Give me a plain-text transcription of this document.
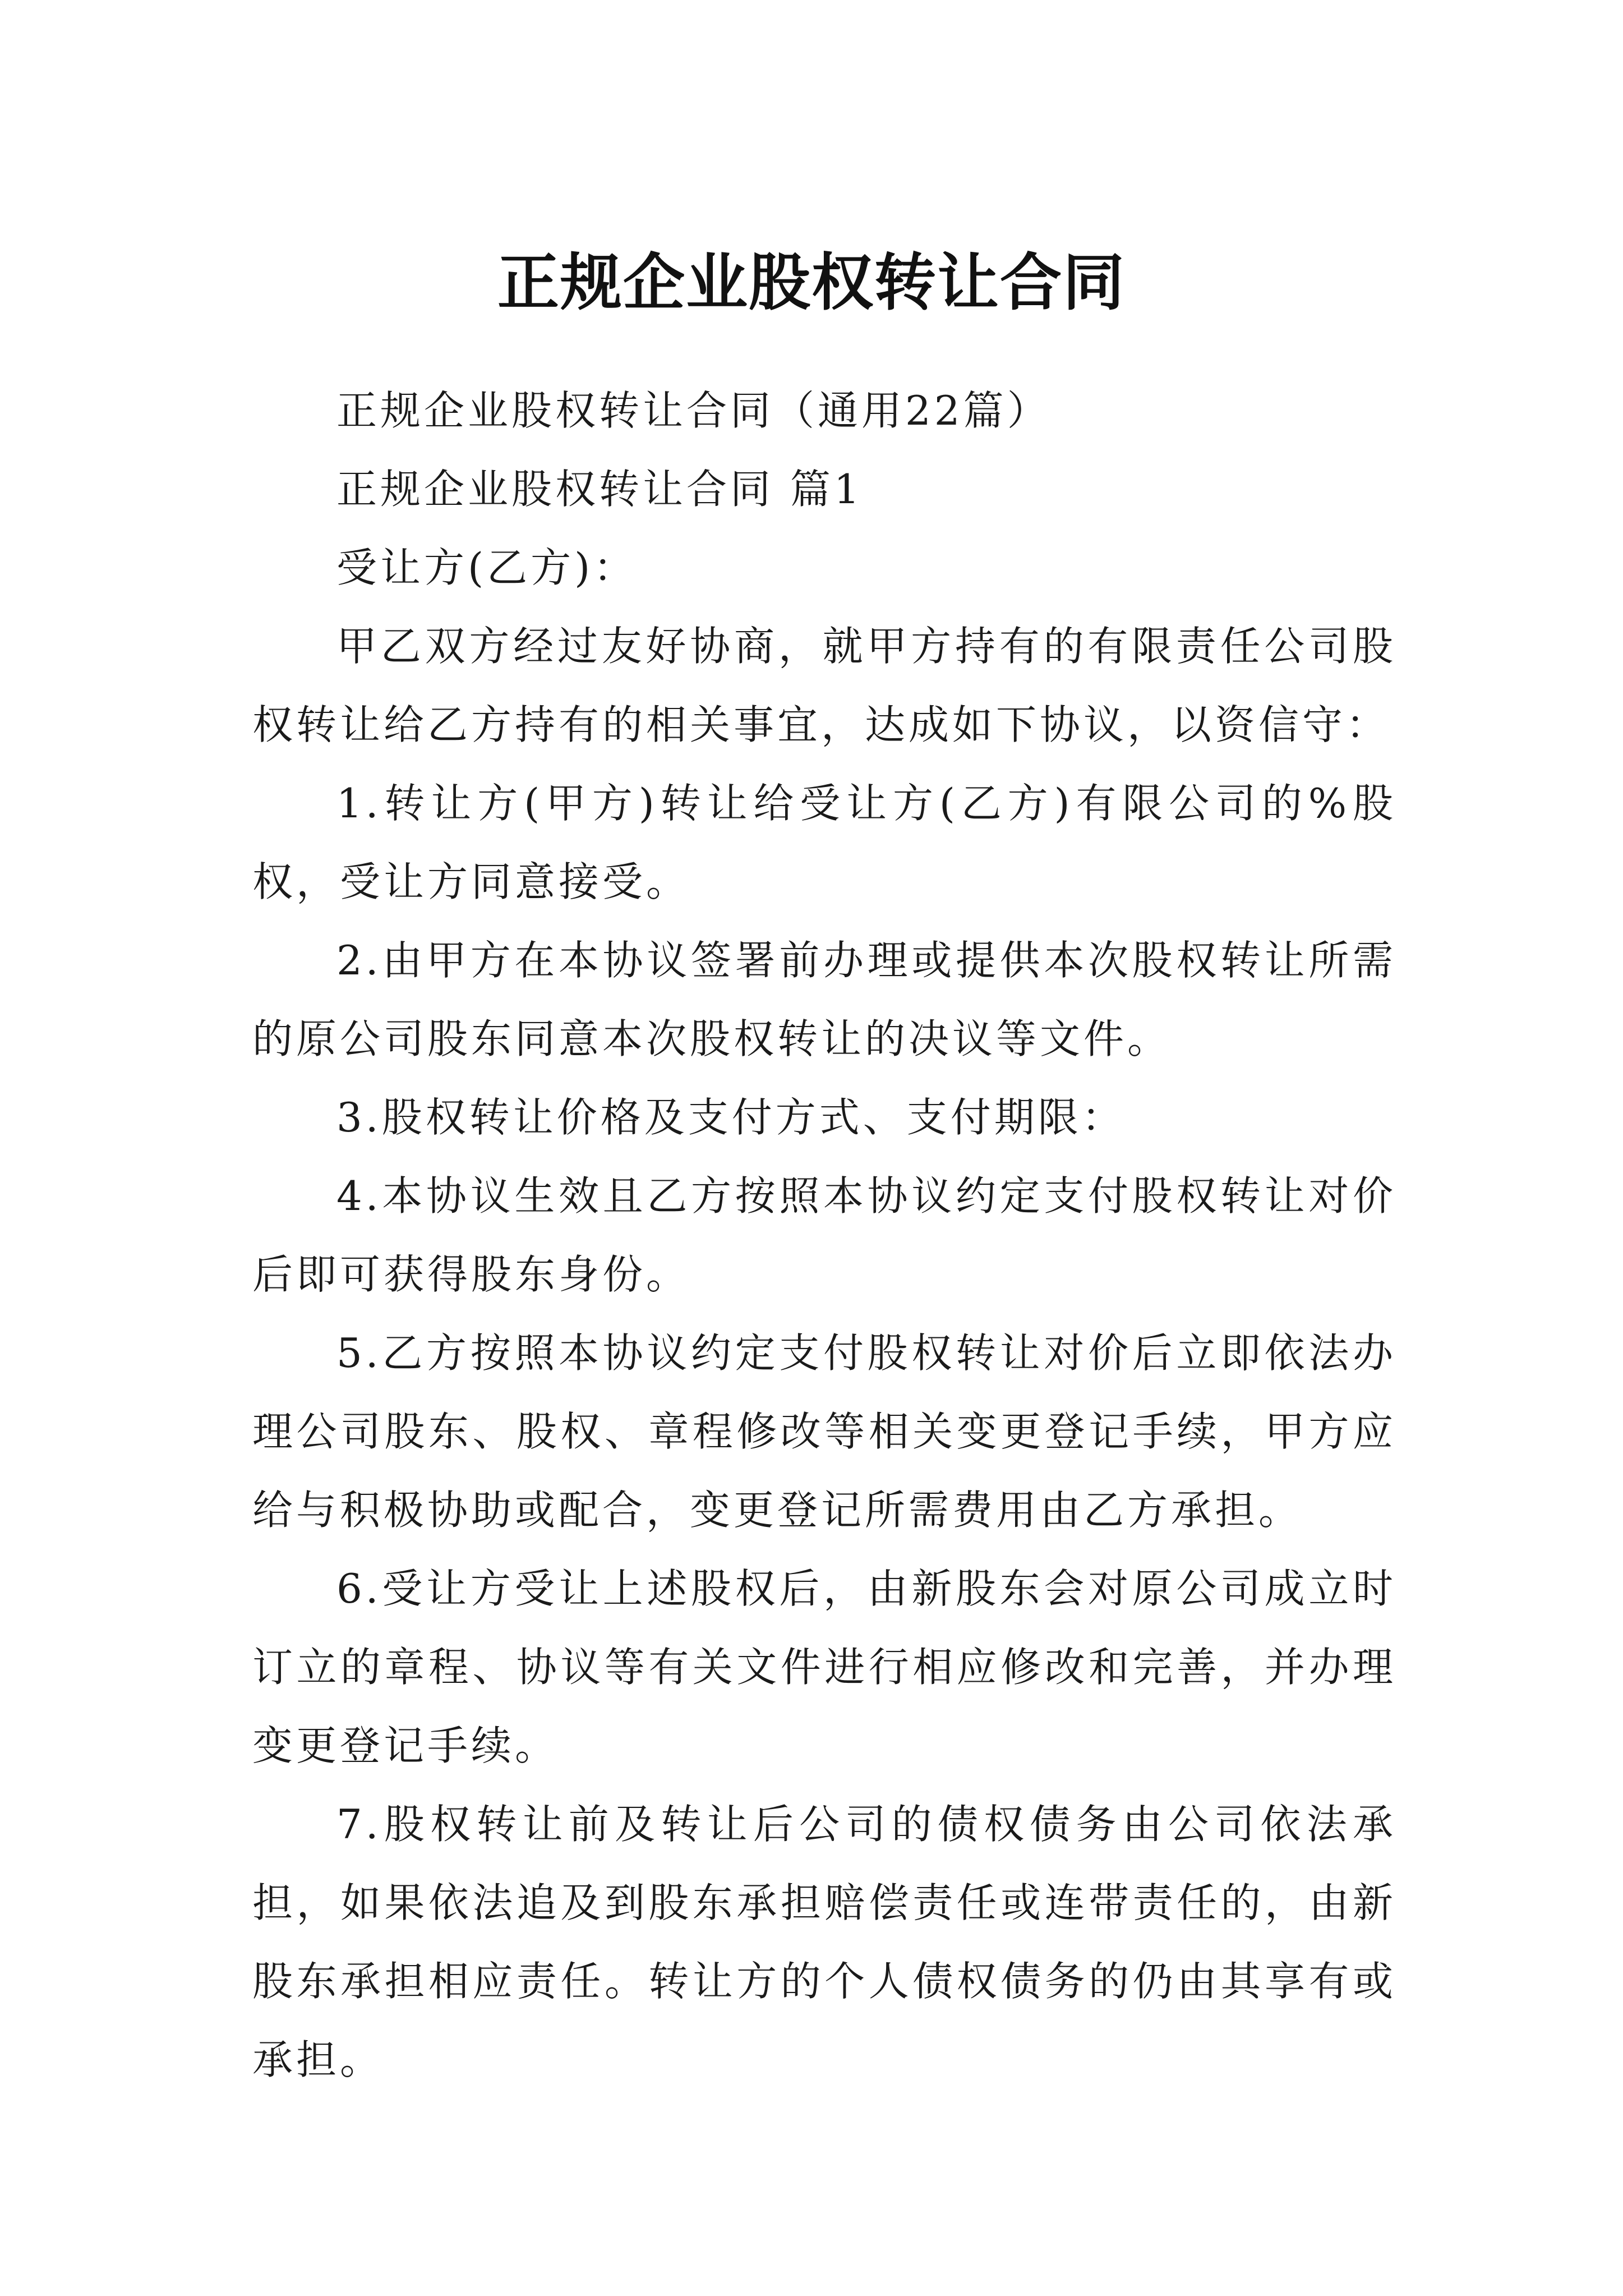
正规企业股权转让合同

正规企业股权转让合同（通用22篇）

正规企业股权转让合同 篇1

受让方(乙方)：

甲乙双方经过友好协商，就甲方持有的有限责任公司股权转让给乙方持有的相关事宜，达成如下协议，以资信守：

1.转让方(甲方)转让给受让方(乙方)有限公司的%股权，受让方同意接受。

2.由甲方在本协议签署前办理或提供本次股权转让所需的原公司股东同意本次股权转让的决议等文件。

3.股权转让价格及支付方式、支付期限：

4.本协议生效且乙方按照本协议约定支付股权转让对价后即可获得股东身份。

5.乙方按照本协议约定支付股权转让对价后立即依法办理公司股东、股权、章程修改等相关变更登记手续，甲方应给与积极协助或配合，变更登记所需费用由乙方承担。

6.受让方受让上述股权后，由新股东会对原公司成立时订立的章程、协议等有关文件进行相应修改和完善，并办理变更登记手续。

7.股权转让前及转让后公司的债权债务由公司依法承担，如果依法追及到股东承担赔偿责任或连带责任的，由新股东承担相应责任。转让方的个人债权债务的仍由其享有或承担。
